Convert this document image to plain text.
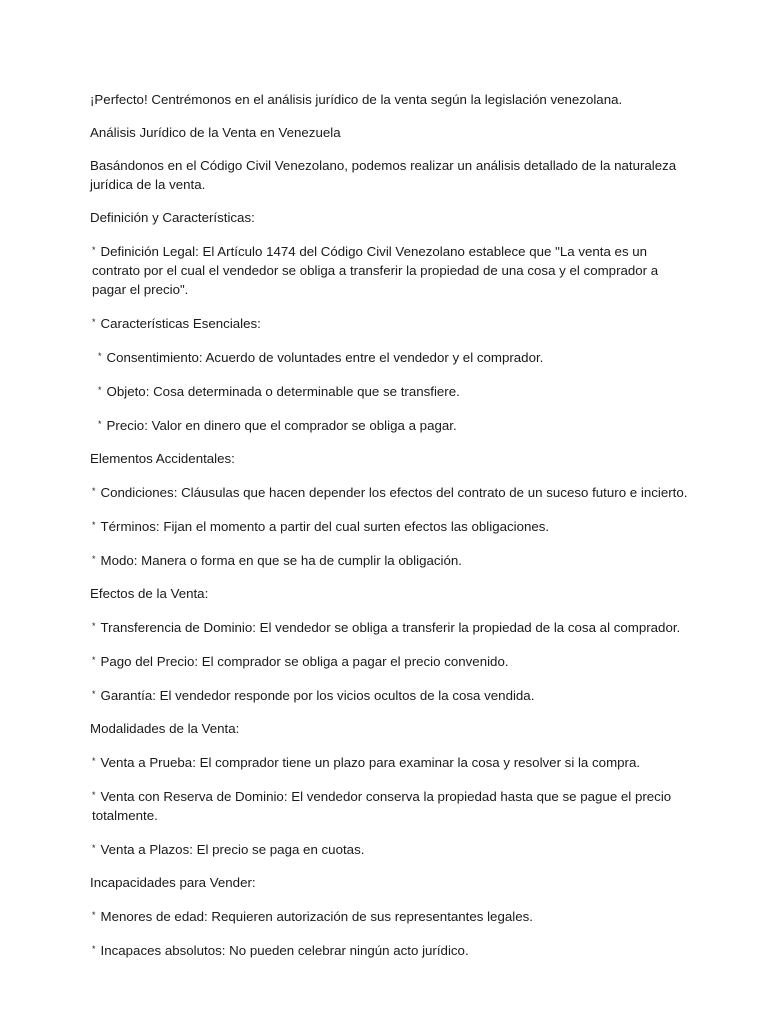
¡Perfecto! Centrémonos en el análisis jurídico de la venta según la legislación venezolana.

Análisis Jurídico de la Venta en Venezuela

Basándonos en el Código Civil Venezolano, podemos realizar un análisis detallado de la naturaleza jurídica de la venta.

Definición y Características:

* Definición Legal: El Artículo 1474 del Código Civil Venezolano establece que "La venta es un contrato por el cual el vendedor se obliga a transferir la propiedad de una cosa y el comprador a pagar el precio".

* Características Esenciales:

* Consentimiento: Acuerdo de voluntades entre el vendedor y el comprador.

* Objeto: Cosa determinada o determinable que se transfiere.

* Precio: Valor en dinero que el comprador se obliga a pagar.

Elementos Accidentales:

* Condiciones: Cláusulas que hacen depender los efectos del contrato de un suceso futuro e incierto.

* Términos: Fijan el momento a partir del cual surten efectos las obligaciones.

* Modo: Manera o forma en que se ha de cumplir la obligación.

Efectos de la Venta:

* Transferencia de Dominio: El vendedor se obliga a transferir la propiedad de la cosa al comprador.

* Pago del Precio: El comprador se obliga a pagar el precio convenido.

* Garantía: El vendedor responde por los vicios ocultos de la cosa vendida.

Modalidades de la Venta:

* Venta a Prueba: El comprador tiene un plazo para examinar la cosa y resolver si la compra.

* Venta con Reserva de Dominio: El vendedor conserva la propiedad hasta que se pague el precio totalmente.

* Venta a Plazos: El precio se paga en cuotas.

Incapacidades para Vender:

* Menores de edad: Requieren autorización de sus representantes legales.

* Incapaces absolutos: No pueden celebrar ningún acto jurídico.
